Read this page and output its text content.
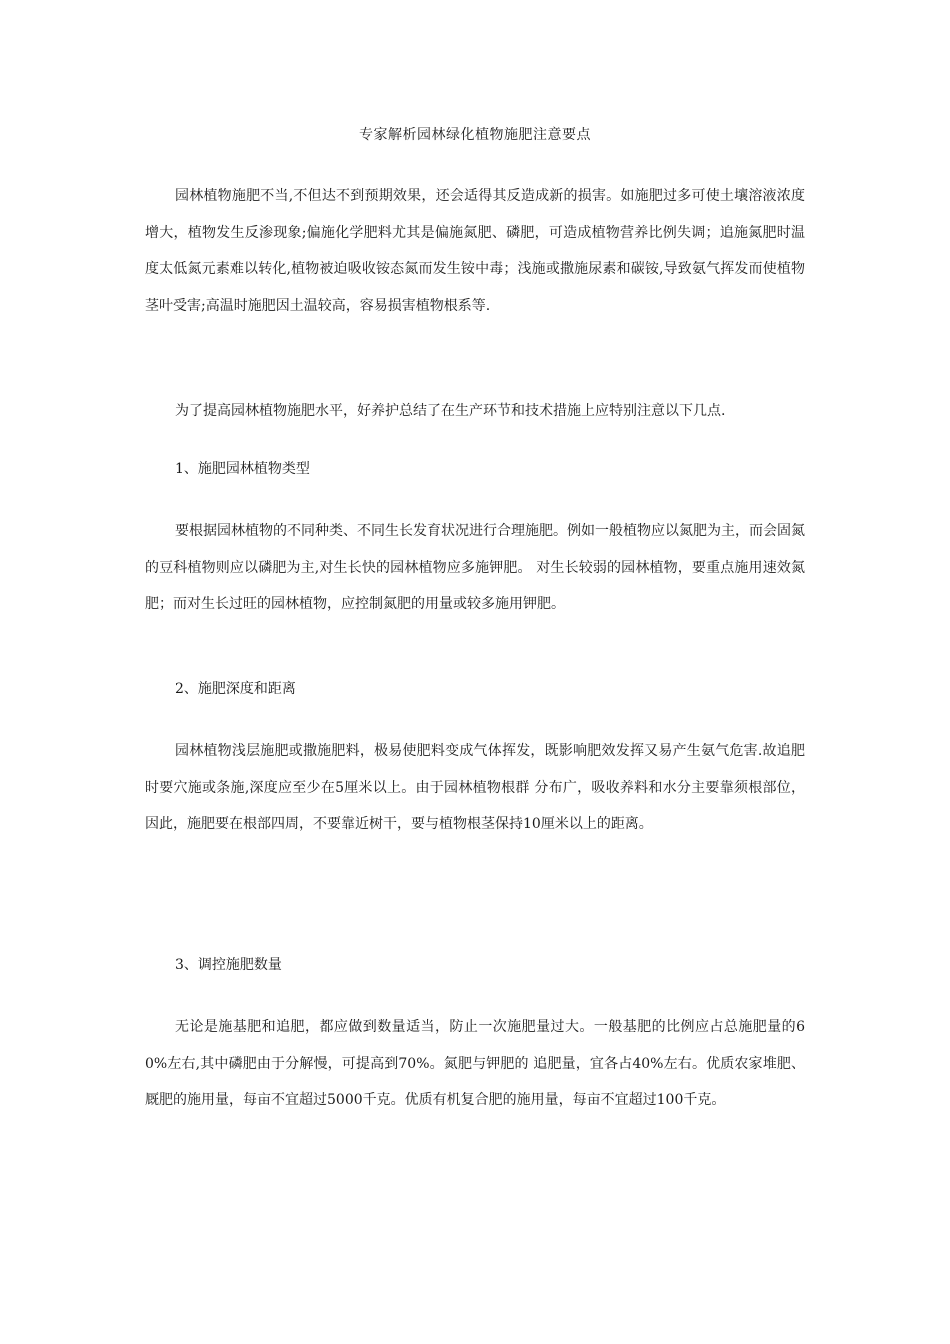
专家解析园林绿化植物施肥注意要点

园林植物施肥不当,不但达不到预期效果，还会适得其反造成新的损害。如施肥过多可使土壤溶液浓度增大，植物发生反渗现象;偏施化学肥料尤其是偏施氮肥、磷肥，可造成植物营养比例失调；追施氮肥时温度太低氮元素难以转化,植物被迫吸收铵态氮而发生铵中毒；浅施或撒施尿素和碳铵,导致氨气挥发而使植物茎叶受害;高温时施肥因土温较高，容易损害植物根系等.

为了提高园林植物施肥水平，好养护总结了在生产环节和技术措施上应特别注意以下几点.

1、施肥园林植物类型

要根据园林植物的不同种类、不同生长发育状况进行合理施肥。例如一般植物应以氮肥为主，而会固氮的豆科植物则应以磷肥为主,对生长快的园林植物应多施钾肥。 对生长较弱的园林植物，要重点施用速效氮肥；而对生长过旺的园林植物，应控制氮肥的用量或较多施用钾肥。

2、施肥深度和距离

园林植物浅层施肥或撒施肥料，极易使肥料变成气体挥发，既影响肥效发挥又易产生氨气危害.故追肥时要穴施或条施,深度应至少在5厘米以上。由于园林植物根群 分布广，吸收养料和水分主要靠须根部位，因此，施肥要在根部四周，不要靠近树干，要与植物根茎保持10厘米以上的距离。

3、调控施肥数量

无论是施基肥和追肥，都应做到数量适当，防止一次施肥量过大。一般基肥的比例应占总施肥量的60%左右,其中磷肥由于分解慢，可提高到70%。氮肥与钾肥的 追肥量，宜各占40%左右。优质农家堆肥、厩肥的施用量，每亩不宜超过5000千克。优质有机复合肥的施用量，每亩不宜超过100千克。
